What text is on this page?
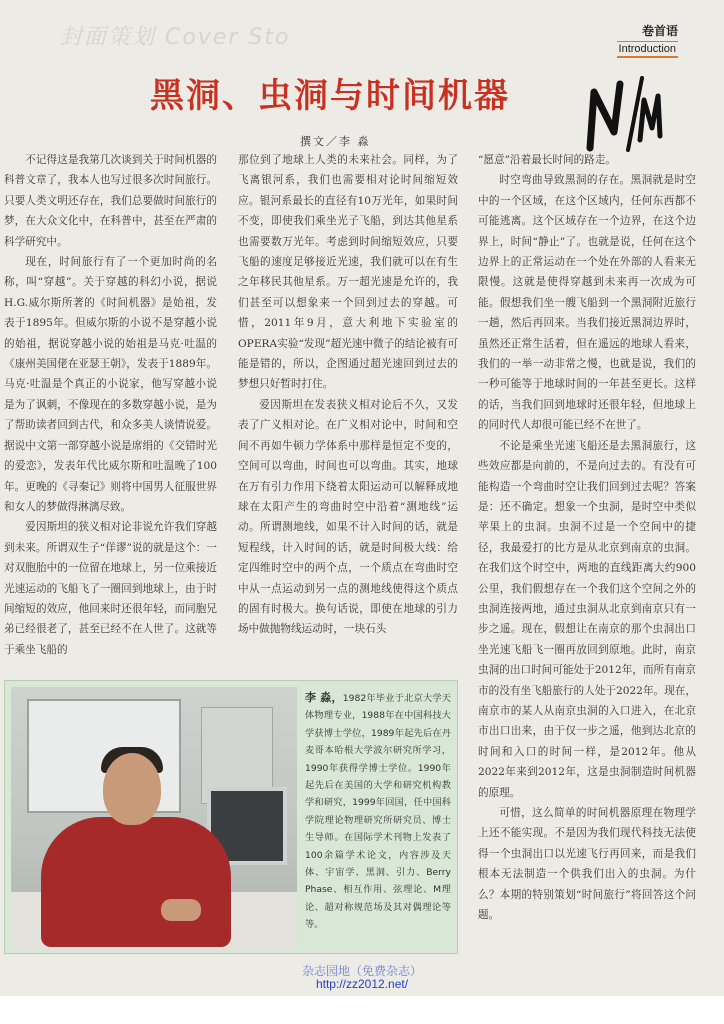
封面策划 Cover Sto	卷首语
Introduction
黑洞、虫洞与时间机器
撰文／李 淼

不记得这是我第几次谈到关于时间机器的科普文章了，我本人也写过很多次时间旅行。只要人类文明还存在，我们总要做时间旅行的梦，在大众文化中，在科普中，甚至在严肃的科学研究中。

现在，时间旅行有了一个更加时尚的名称，叫“穿越”。关于穿越的科幻小说，据说H.G.威尔斯所著的《时间机器》是始祖，发表于1895年。但威尔斯的小说不是穿越小说的始祖，据说穿越小说的始祖是马克·吐温的《康州美国佬在亚瑟王朝》，发表于1889年。马克·吐温是个真正的小说家，他写穿越小说是为了讽刺，不像现在的多数穿越小说，是为了帮助读者回到古代，和众多美人谈情说爱。据说中文第一部穿越小说是席绢的《交错时光的爱恋》，发表年代比威尔斯和吐温晚了100年。更晚的《寻秦记》则将中国男人征服世界和女人的梦做得淋漓尽致。

爱因斯坦的狭义相对论非说允许我们穿越到未来。所谓双生子“佯谬”说的就是这个：一对双胞胎中的一位留在地球上，另一位乘接近光速运动的飞船飞了一圈回到地球上，由于时间缩短的效应，他回来时还很年轻，而同胞兄弟已经很老了，甚至已经不在人世了。这就等于乘坐飞船的

那位到了地球上人类的未来社会。同样，为了飞离银河系，我们也需要相对论时间缩短效应。银河系最长的直径有10万光年，如果时间不变，即使我们乘坐光子飞船，到达其他星系也需要数万光年。考虑到时间缩短效应，只要飞船的速度足够接近光速，我们就可以在有生之年移民其他星系。万一超光速是允许的，我们甚至可以想象来一个回到过去的穿越。可惜，2011年9月，意大利地下实验室的OPERA实验“发现”超光速中微子的结论被有可能是错的，所以，企图通过超光速回到过去的梦想只好暂时打住。

爱因斯坦在发表狭义相对论后不久，又发表了广义相对论。在广义相对论中，时间和空间不再如牛顿力学体系中那样是恒定不变的，空间可以弯曲，时间也可以弯曲。其实，地球在万有引力作用下绕着太阳运动可以解释成地球在太阳产生的弯曲时空中沿着“测地线”运动。所谓测地线，如果不计入时间的话，就是短程线，计入时间的话，就是时间极大线：给定四维时空中的两个点，一个质点在弯曲时空中从一点运动到另一点的测地线使得这个质点的固有时极大。换句话说，即使在地球的引力场中做抛物线运动时，一块石头

“愿意”沿着最长时间的路走。

时空弯曲导致黑洞的存在。黑洞就是时空中的一个区域，在这个区域内，任何东西都不可能逃离。这个区域存在一个边界，在这个边界上，时间“静止”了。也就是说，任何在这个边界上的正常运动在一个处在外部的人看来无限慢。这就是使得穿越到未来再一次成为可能。假想我们坐一艘飞船到一个黑洞附近旅行一趟，然后再回来。当我们接近黑洞边界时，虽然还正常生活着，但在遥远的地球人看来，我们的一举一动非常之慢，也就是说，我们的一秒可能等于地球时间的一年甚至更长。这样的话，当我们回到地球时还很年轻，但地球上的同时代人却很可能已经不在世了。

不论是乘坐光速飞船还是去黑洞旅行，这些效应都是向前的，不是向过去的。有没有可能构造一个弯曲时空让我们回到过去呢？答案是：还不确定。想象一个虫洞，是时空中类似苹果上的虫洞。虫洞不过是一个空间中的捷径，我最爱打的比方是从北京到南京的虫洞。在我们这个时空中，两地的直线距离大约900公里，我们假想存在一个我们这个空间之外的虫洞连接两地，通过虫洞从北京到南京只有一步之遥。现在，假想让在南京的那个虫洞出口坐光速飞船飞一圈再放回到原地。此时，南京虫洞的出口时间可能处于2012年，而所有南京市的没有坐飞船旅行的人处于2022年。现在，南京市的某人从南京虫洞的入口进入，在北京市出口出来，由于仅一步之遥，他到达北京的时间和入口的时间一样，是2012年。他从2022年来到2012年，这是虫洞制造时间机器的原理。

可惜，这么简单的时间机器原理在物理学上还不能实现。不是因为我们现代科技无法使得一个虫洞出口以光速飞行再回来，而是我们根本无法制造一个供我们出入的虫洞。为什么？本期的特别策划“时间旅行”将回答这个问题。

李 淼，1982年毕业于北京大学天体物理专业，1988年在中国科技大学获博士学位，1989年起先后在丹麦哥本哈根大学波尔研究所学习，1990年获得学博士学位。1990年起先后在美国的大学和研究机构教学和研究，1999年回国，任中国科学院理论物理研究所研究员、博士生导师。在国际学术刊物上发表了100余篇学术论文，内容涉及天体、宇宙学、黑洞、引力、Berry Phase、相互作用、弦理论、M理论、超对称规范场及其对偶理论等等。
杂志园地（免费杂志）
http://zz2012.net/
